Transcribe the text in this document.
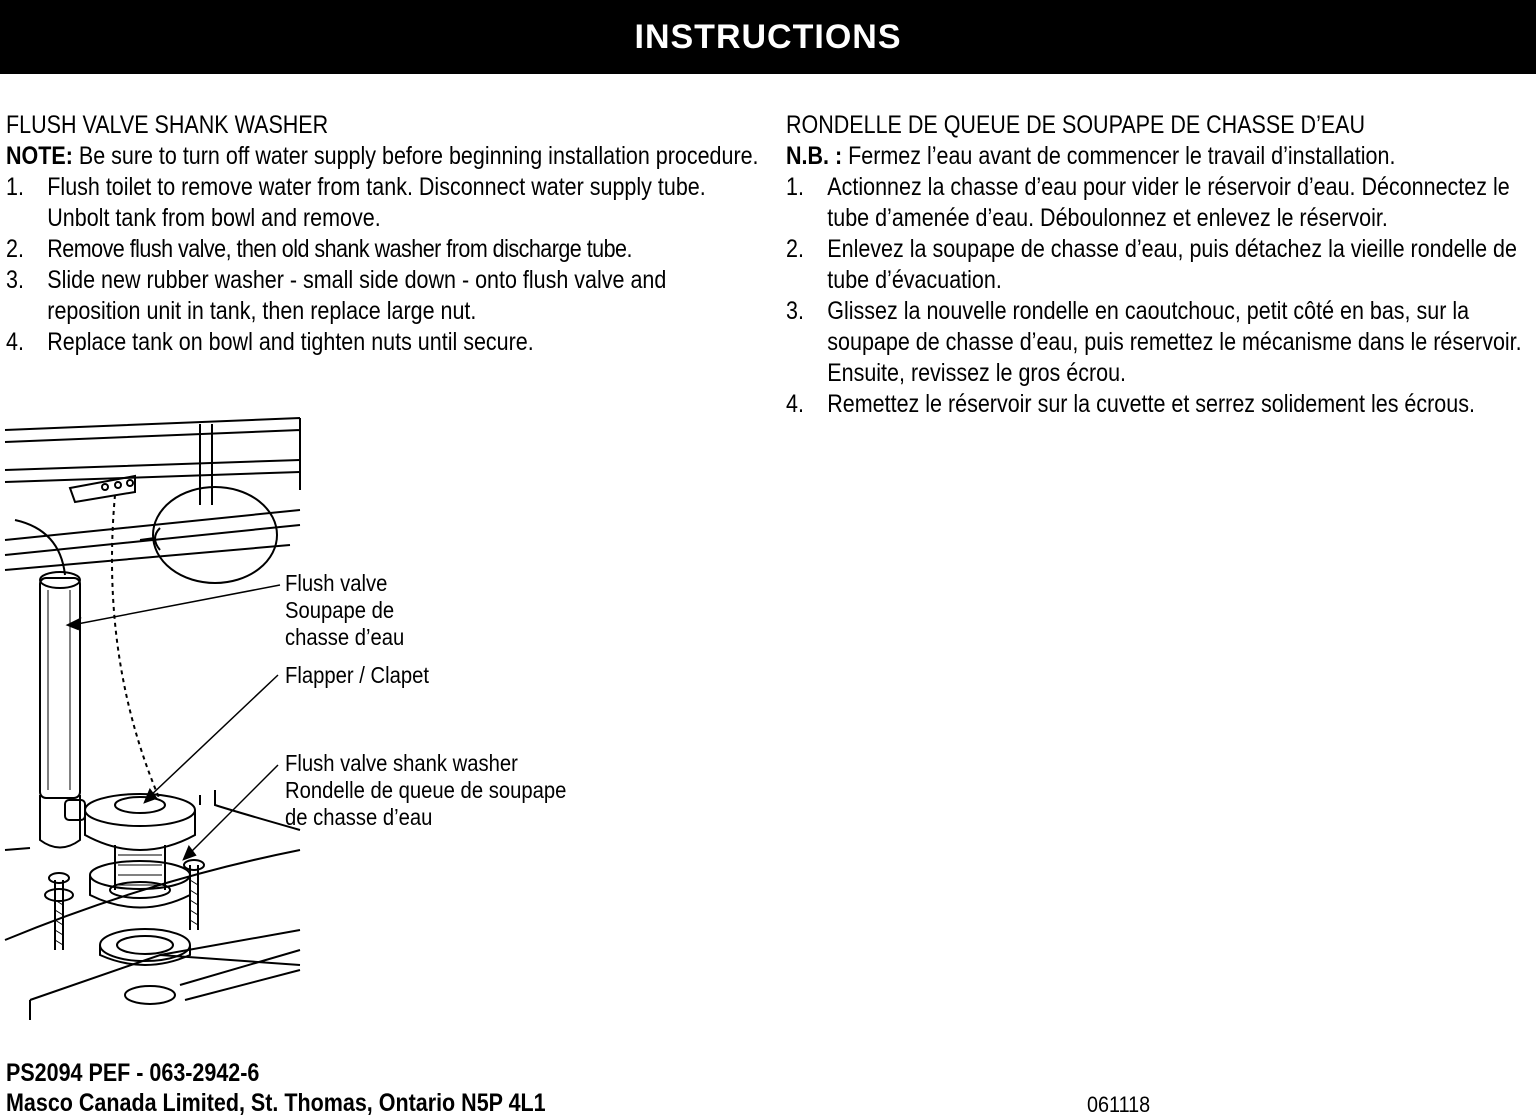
INSTRUCTIONS

FLUSH VALVE SHANK WASHER

NOTE: Be sure to turn off water supply before beginning installation procedure.

1. Flush toilet to remove water from tank. Disconnect water supply tube. Unbolt tank from bowl and remove.
2. Remove flush valve, then old shank washer from discharge tube.
3. Slide new rubber washer - small side down - onto flush valve and reposition unit in tank, then replace large nut.
4. Replace tank on bowl and tighten nuts until secure.

RONDELLE DE QUEUE DE SOUPAPE DE CHASSE D’EAU

N.B. : Fermez l’eau avant de commencer le travail d’installation.

1. Actionnez la chasse d’eau pour vider le réservoir d’eau. Déconnectez le tube d’amenée d’eau. Déboulonnez et enlevez le réservoir.
2. Enlevez la soupape de chasse d’eau, puis détachez la vieille rondelle de tube d’évacuation.
3. Glissez la nouvelle rondelle en caoutchouc, petit côté en bas, sur la soupape de chasse d’eau, puis remettez le mécanisme dans le réservoir. Ensuite, revissez le gros écrou.
4. Remettez le réservoir sur la cuvette et serrez solidement les écrous.
Flush valve
Soupape de
chasse d’eau
Flapper / Clapet
Flush valve shank washer
Rondelle de queue de soupape
de chasse d’eau
PS2094 PEF - 063-2942-6
Masco Canada Limited, St. Thomas, Ontario N5P 4L1	061118
